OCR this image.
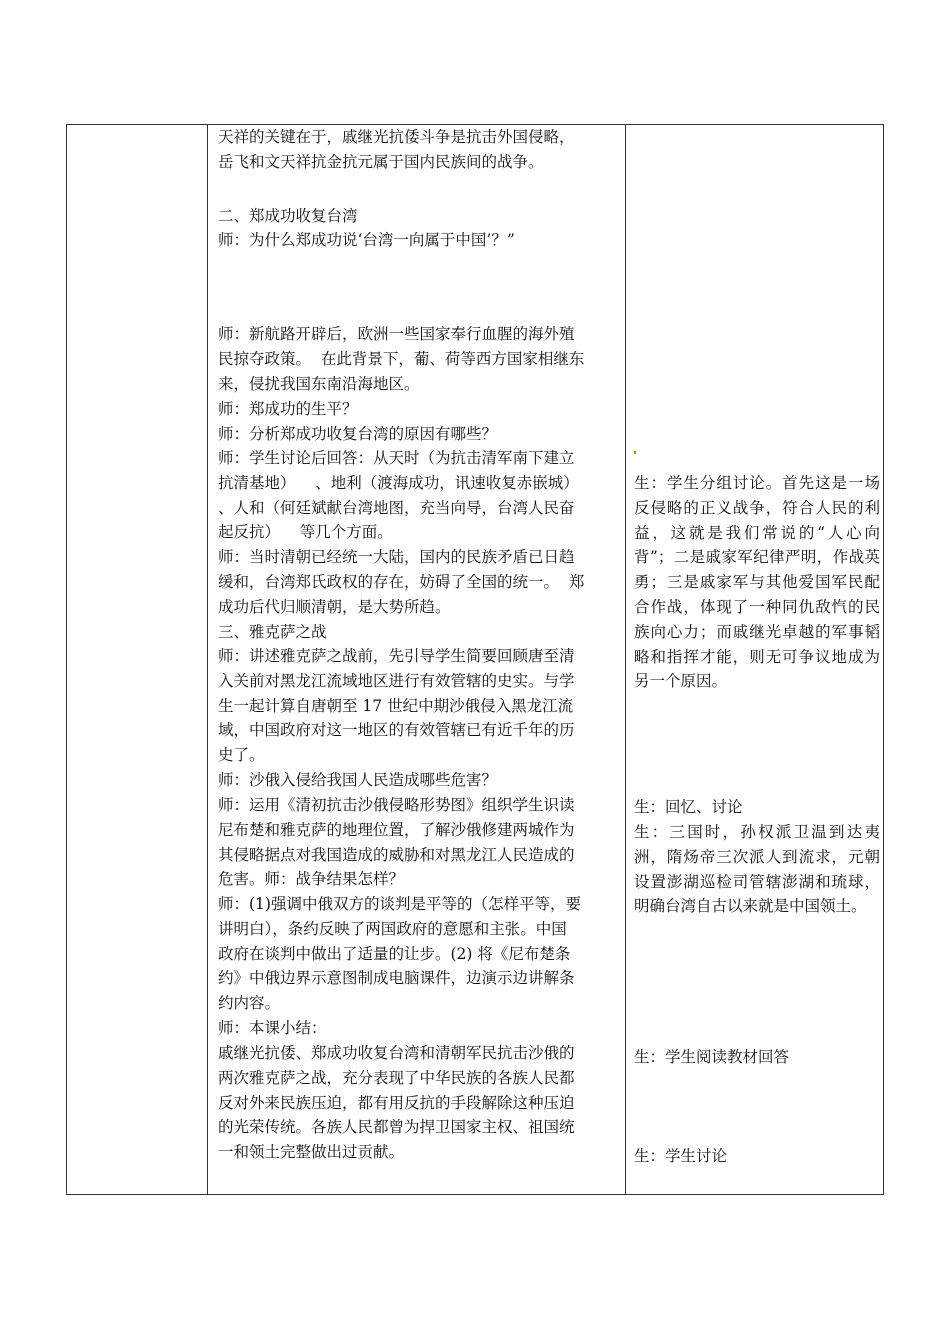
天祥的关键在于，戚继光抗倭斗争是抗击外国侵略，
岳飞和文天祥抗金抗元属于国内民族间的战争。
二、郑成功收复台湾
师：为什么郑成功说‘台湾一向属于中国’？”
师：新航路开辟后，欧洲一些国家奉行血腥的海外殖
民掠夺政策。  在此背景下，葡、荷等西方国家相继东
来，侵扰我国东南沿海地区。
师：郑成功的生平？
师：分析郑成功收复台湾的原因有哪些？
师：学生讨论后回答：从天时（为抗击清军南下建立
抗清基地）    、地利（渡海成功，讯速收复赤嵌城）
、人和（何廷斌献台湾地图，充当向导，台湾人民奋
起反抗）    等几个方面。
师：当时清朝已经统一大陆，国内的民族矛盾已日趋
缓和，台湾郑氏政权的存在，妨碍了全国的统一。  郑
成功后代归顺清朝，是大势所趋。
三、雅克萨之战
师：讲述雅克萨之战前，先引导学生简要回顾唐至清
入关前对黑龙江流域地区进行有效管辖的史实。与学
生一起计算自唐朝至 17 世纪中期沙俄侵入黑龙江流
域，中国政府对这一地区的有效管辖已有近千年的历
史了。
师：沙俄入侵给我国人民造成哪些危害？
师：运用《清初抗击沙俄侵略形势图》组织学生识读
尼布楚和雅克萨的地理位置，了解沙俄修建两城作为
其侵略据点对我国造成的威胁和对黑龙江人民造成的
危害。师：战争结果怎样？
师：(1)强调中俄双方的谈判是平等的（怎样平等，要
讲明白），条约反映了两国政府的意愿和主张。中国
政府在谈判中做出了适量的让步。(2) 将《尼布楚条
约》中俄边界示意图制成电脑课件，边演示边讲解条
约内容。
师：本课小结：
戚继光抗倭、郑成功收复台湾和清朝军民抗击沙俄的
两次雅克萨之战，充分表现了中华民族的各族人民都
反对外来民族压迫，都有用反抗的手段解除这种压迫
的光荣传统。各族人民都曾为捍卫国家主权、祖国统
一和领土完整做出过贡献。
生：学生分组讨论。首先这是一场反侵略的正义战争，符合人民的利益，这就是我们常说的“人心向背”；二是戚家军纪律严明，作战英勇；三是戚家军与其他爱国军民配合作战，体现了一种同仇敌忾的民族向心力；而戚继光卓越的军事韬略和指挥才能，则无可争议地成为另一个原因。
生：回忆、讨论
生：三国时，孙权派卫温到达夷洲，隋炀帝三次派人到流求，元朝设置澎湖巡检司管辖澎湖和琉球，明确台湾自古以来就是中国领土。
生：学生阅读教材回答
生：学生讨论
